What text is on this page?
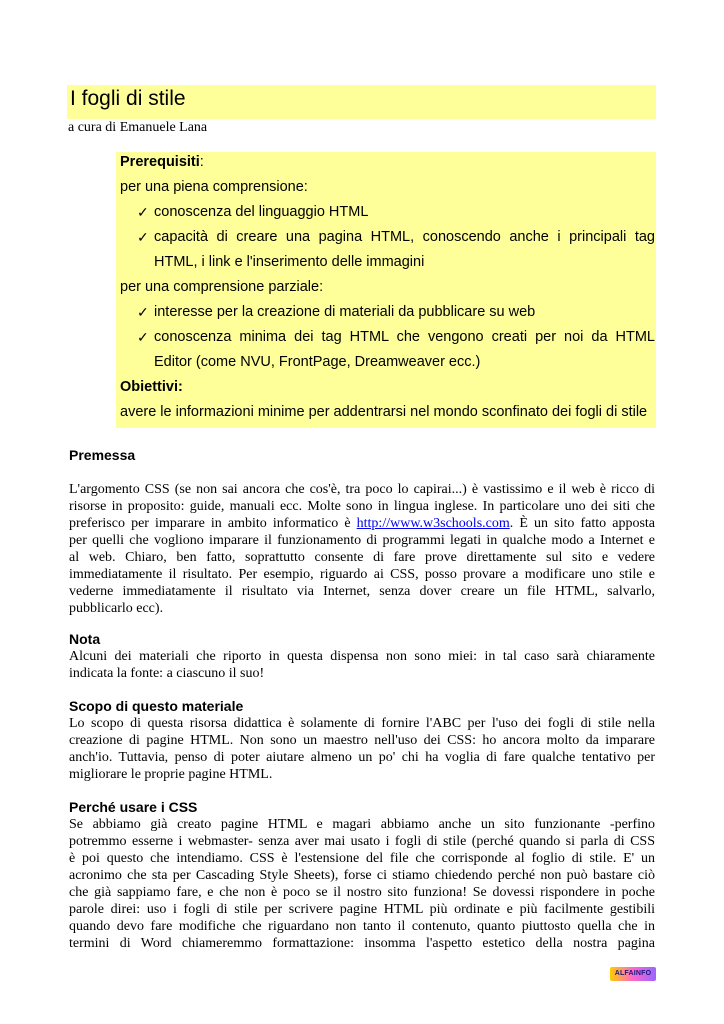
I fogli di stile
a cura di Emanuele Lana
Prerequisiti:
per una piena comprensione:
✓ conoscenza del linguaggio HTML
✓ capacità di creare una pagina HTML, conoscendo anche i principali tag
HTML, i link e l'inserimento delle immagini
per una comprensione parziale:
✓ interesse per la creazione di materiali da pubblicare su web
✓ conoscenza minima dei tag HTML che vengono creati per noi da HTML
Editor (come NVU, FrontPage, Dreamweaver ecc.)
Obiettivi:
avere le informazioni minime per addentrarsi nel mondo sconfinato dei fogli di stile
Premessa
L'argomento CSS (se non sai ancora che cos'è, tra poco lo capirai...) è vastissimo e il web è ricco di
risorse in proposito: guide, manuali ecc. Molte sono in lingua inglese. In particolare uno dei siti che
preferisco per imparare in ambito informatico è http://www.w3schools.com. È un sito fatto apposta
per quelli che vogliono imparare il funzionamento di programmi legati in qualche modo a Internet e
al web. Chiaro, ben fatto, soprattutto consente di fare prove direttamente sul sito e vedere
immediatamente il risultato. Per esempio, riguardo ai CSS, posso provare a modificare uno stile e
vederne immediatamente il risultato via Internet, senza dover creare un file HTML, salvarlo,
pubblicarlo ecc).
Nota
Alcuni dei materiali che riporto in questa dispensa non sono miei: in tal caso sarà chiaramente
indicata la fonte: a ciascuno il suo!
Scopo di questo materiale
Lo scopo di questa risorsa didattica è solamente di fornire l'ABC per l'uso dei fogli di stile nella
creazione di pagine HTML. Non sono un maestro nell'uso dei CSS: ho ancora molto da imparare
anch'io. Tuttavia, penso di poter aiutare almeno un po' chi ha voglia di fare qualche tentativo per
migliorare le proprie pagine HTML.
Perché usare i CSS
Se abbiamo già creato pagine HTML e magari abbiamo anche un sito funzionante -perfino
potremmo esserne i webmaster- senza aver mai usato i fogli di stile (perché quando si parla di CSS
è poi questo che intendiamo. CSS è l'estensione del file che corrisponde al foglio di stile. E' un
acronimo che sta per Cascading Style Sheets), forse ci stiamo chiedendo perché non può bastare ciò
che già sappiamo fare, e che non è poco se il nostro sito funziona! Se dovessi rispondere in poche
parole direi: uso i fogli di stile per scrivere pagine HTML più ordinate e più facilmente gestibili
quando devo fare modifiche che riguardano non tanto il contenuto, quanto piuttosto quella che in
termini di Word chiameremmo formattazione: insomma l'aspetto estetico della nostra pagina
ALFAINFO
